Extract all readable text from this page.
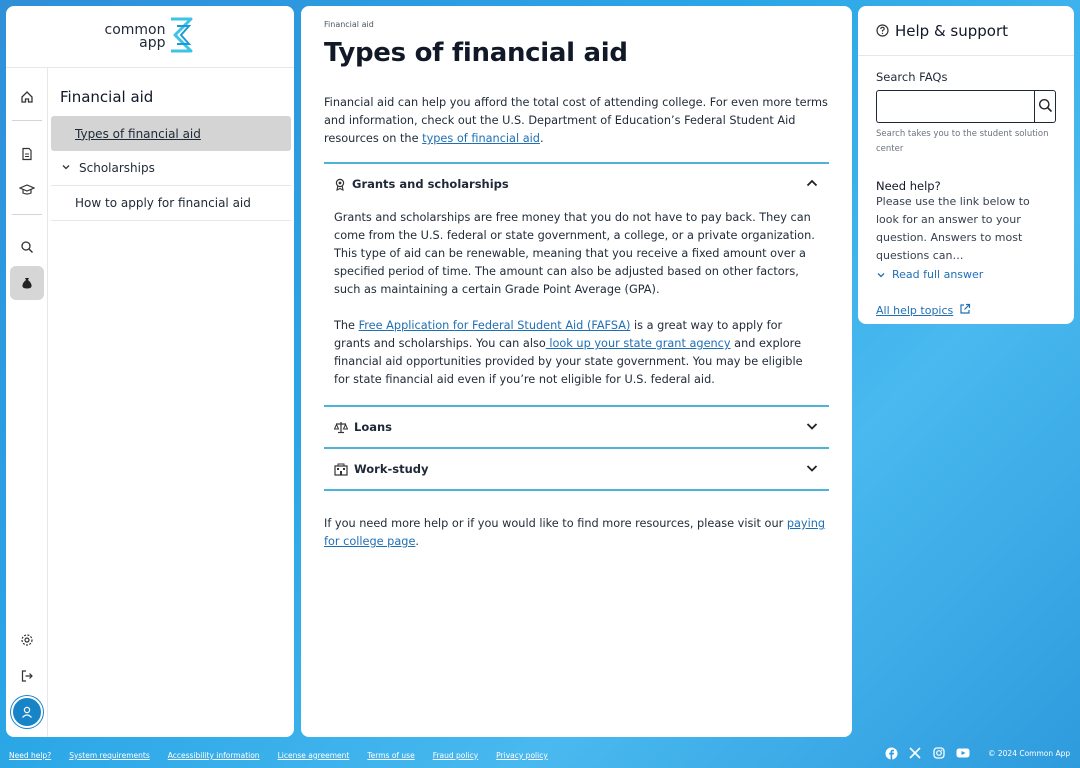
common
app
Financial aid
Types of financial aid
Scholarships
How to apply for financial aid
Financial aid
Types of financial aid

Financial aid can help you afford the total cost of attending college. For even more terms and information, check out the U.S. Department of Education’s Federal Student Aid resources on the types of financial aid.

Grants and scholarships

Grants and scholarships are free money that you do not have to pay back. They can come from the U.S. federal or state government, a college, or a private organization. This type of aid can be renewable, meaning that you receive a fixed amount over a specified period of time. The amount can also be adjusted based on other factors, such as maintaining a certain Grade Point Average (GPA).

The Free Application for Federal Student Aid (FAFSA) is a great way to apply for grants and scholarships. You can also look up your state grant agency and explore financial aid opportunities provided by your state government. You may be eligible for state financial aid even if you’re not eligible for U.S. federal aid.

Loans
Work-study

If you need more help or if you would like to find more resources, please visit our paying for college page.

Help & support
Search FAQs
Search takes you to the student solution center
Need help?
Please use the link below to look for an answer to your question. Answers to most questions can…
Read full answer
All help topics
Need help? System requirements Accessibility information License agreement Terms of use Fraud policy Privacy policy	© 2024 Common App
